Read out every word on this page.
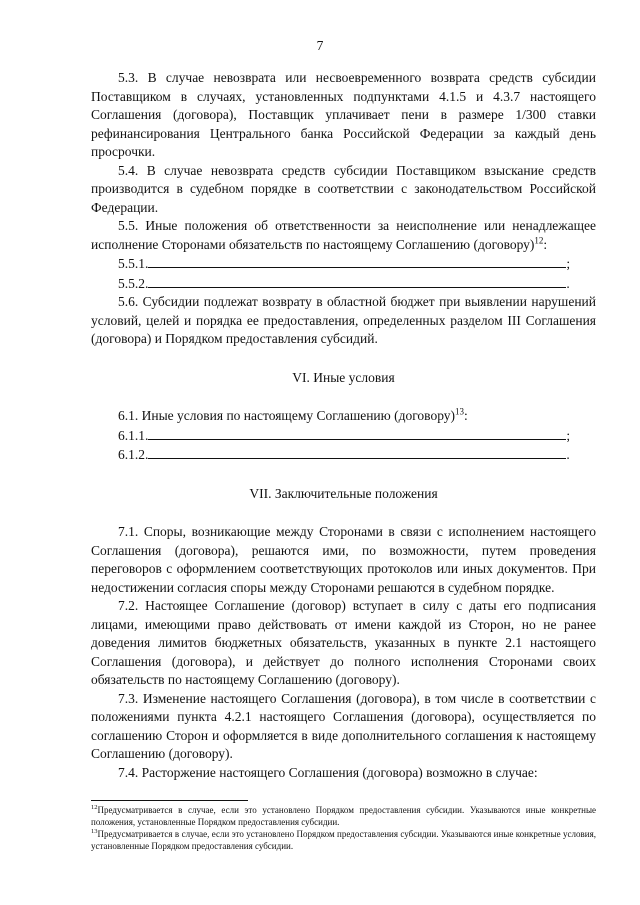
7

5.3. В случае невозврата или несвоевременного возврата средств субсидии Поставщиком в случаях, установленных подпунктами 4.1.5 и 4.3.7 настоящего Соглашения (договора), Поставщик уплачивает пени в размере 1/300 ставки рефинансирования Центрального банка Российской Федерации за каждый день просрочки.

5.4. В случае невозврата средств субсидии Поставщиком взыскание средств производится в судебном порядке в соответствии с законодательством Российской Федерации.

5.5. Иные положения об ответственности за неисполнение или ненадлежащее исполнение Сторонами обязательств по настоящему Соглашению (договору)$^{12}$:

5.5.1.	;

5.5.2.	.

5.6. Субсидии подлежат возврату в областной бюджет при выявлении нарушений условий, целей и порядка ее предоставления, определенных разделом III Соглашения (договора) и Порядком предоставления субсидий.

VI. Иные условия

6.1. Иные условия по настоящему Соглашению (договору)$^{13}$:

6.1.1.	;

6.1.2.	.

VII. Заключительные положения

7.1. Споры, возникающие между Сторонами в связи с исполнением настоящего Соглашения (договора), решаются ими, по возможности, путем проведения переговоров с оформлением соответствующих протоколов или иных документов. При недостижении согласия споры между Сторонами решаются в судебном порядке.

7.2. Настоящее Соглашение (договор) вступает в силу с даты его подписания лицами, имеющими право действовать от имени каждой из Сторон, но не ранее доведения лимитов бюджетных обязательств, указанных в пункте 2.1 настоящего Соглашения (договора), и действует до полного исполнения Сторонами своих обязательств по настоящему Соглашению (договору).

7.3. Изменение настоящего Соглашения (договора), в том числе в соответствии с положениями пункта 4.2.1 настоящего Соглашения (договора), осуществляется по соглашению Сторон и оформляется в виде дополнительного соглашения к настоящему Соглашению (договору).

7.4. Расторжение настоящего Соглашения (договора) возможно в случае:

$^{12}$Предусматривается в случае, если это установлено Порядком предоставления субсидии. Указываются иные конкретные положения, установленные Порядком предоставления субсидии.

$^{13}$Предусматривается в случае, если это установлено Порядком предоставления субсидии. Указываются иные конкретные условия, установленные Порядком предоставления субсидии.
